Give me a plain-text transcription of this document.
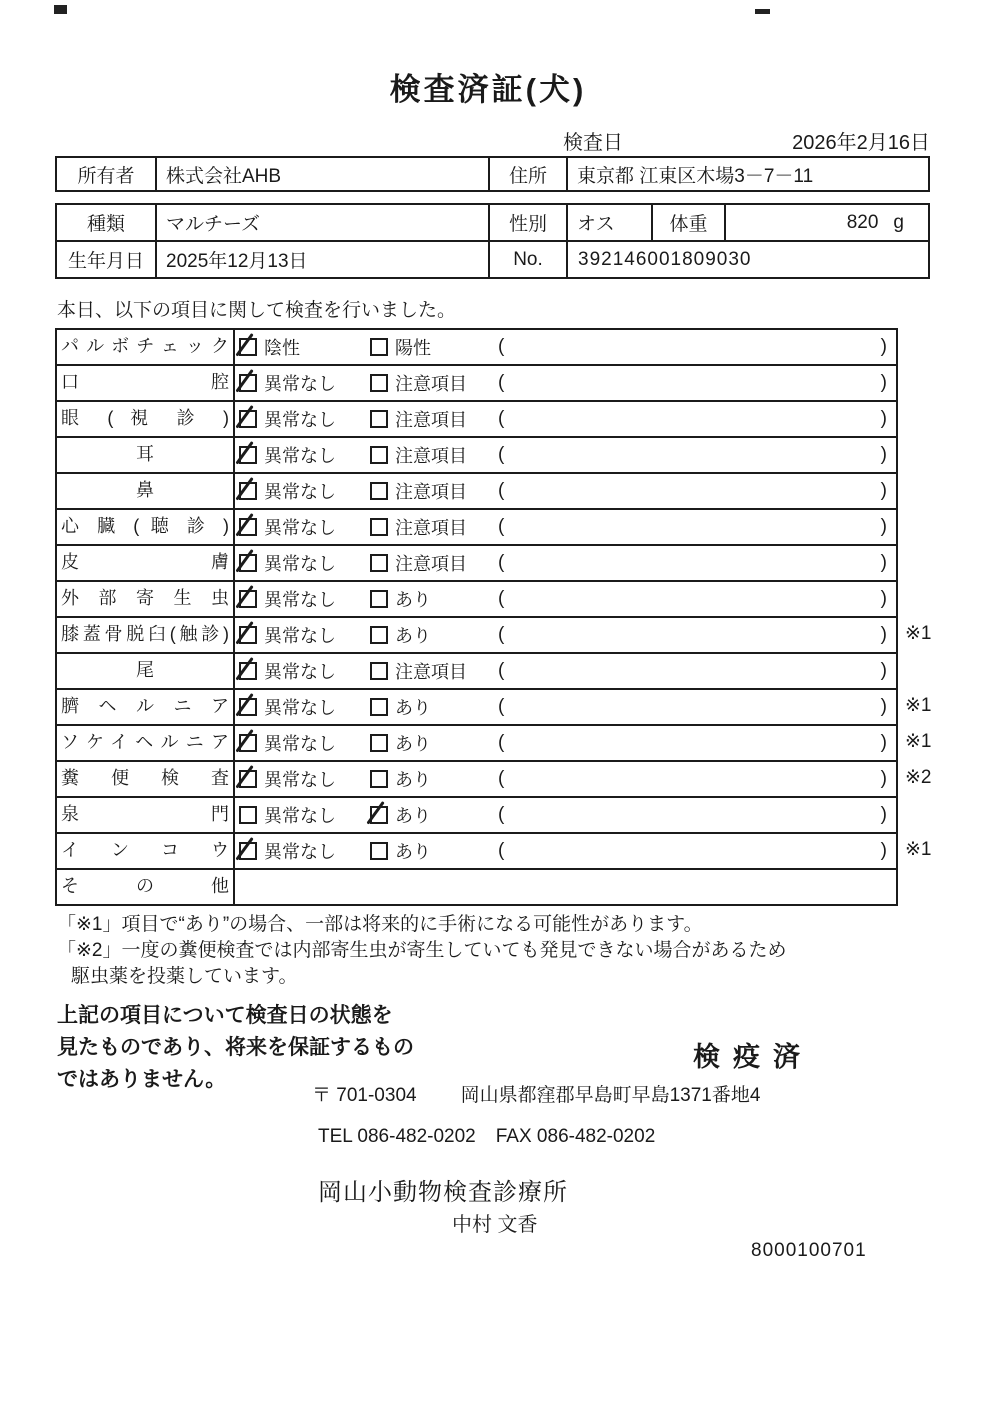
検査済証(犬)
検査日	2026年2月16日
所有者	株式会社AHB	住所	東京都 江東区木場3－7－11
種類	マルチーズ	性別	オス	体重	820 g
生年月日	2025年12月13日	No.	392146001809030
本日、以下の項目に関して検査を行いました。
パルボチェック	陰性	陽性	(	)
口 腔	異常なし	注意項目 (	)
眼 ( 視 診 )	異常なし	注意項目 (	)
耳	異常なし	注意項目 (	)
鼻	異常なし	注意項目 (	)
心 臓 ( 聴 診 )	異常なし	注意項目 (	)
皮 膚	異常なし	注意項目 (	)
外 部 寄 生 虫	異常なし	あり	(	)
膝蓋骨脱臼(触診)	異常なし	あり	(	) ※1
尾	異常なし	注意項目 (	)
臍 ヘ ル ニ ア	異常なし	あり	(	) ※1
ソケイヘルニア	異常なし	あり	(	) ※1
糞 便 検 査	異常なし	あり	(	) ※2
泉 門	異常なし	あり	(	)
イ ン コ ウ	異常なし	あり	(	) ※1
そ の 他
「※1」項目で“あり”の場合、一部は将来的に手術になる可能性があります。
「※2」一度の糞便検査では内部寄生虫が寄生していても発見できない場合があるため
駆虫薬を投薬しています。
上記の項目について検査日の状態を
見たものであり、将来を保証するもの
ではありません。
検疫済
〒 701-0304 岡山県都窪郡早島町早島1371番地4
TEL 086-482-0202 FAX 086-482-0202
岡山小動物検査診療所
中村 文香
8000100701
